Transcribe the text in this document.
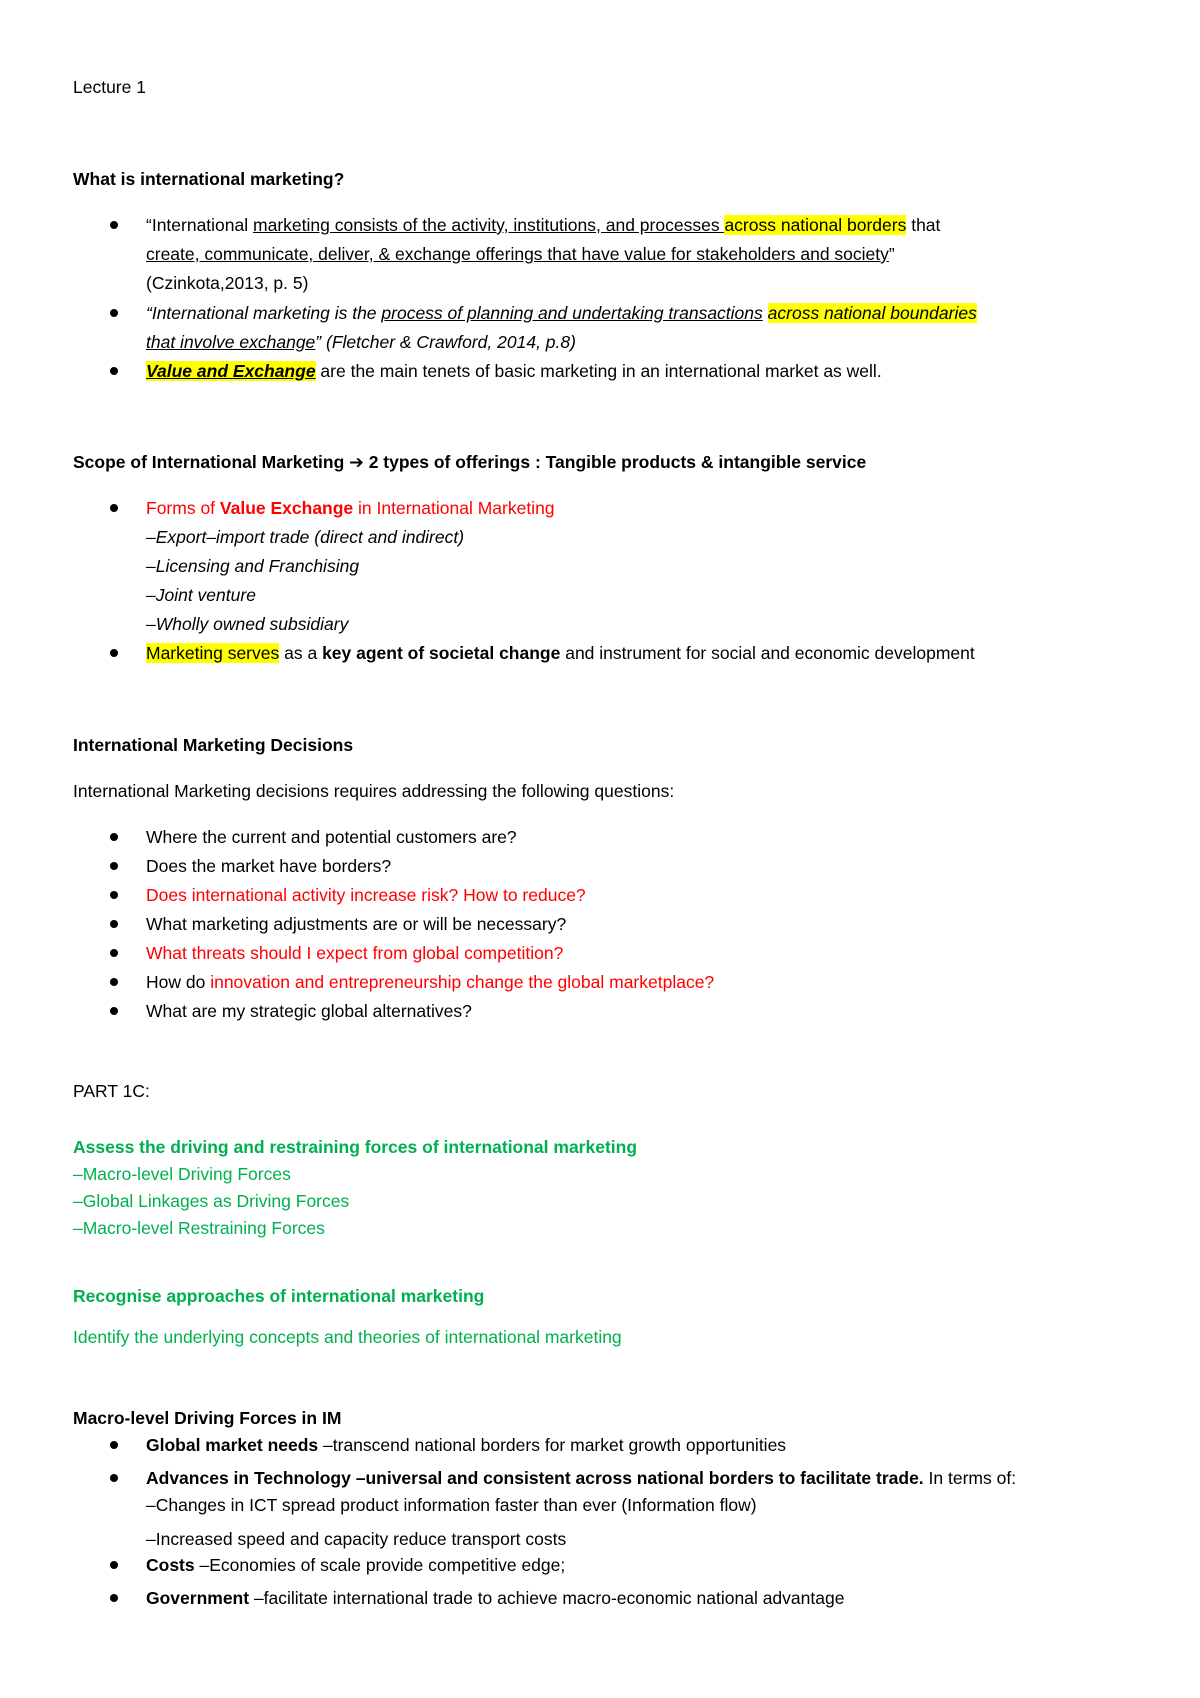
Lecture 1
What is international marketing?
“International marketing consists of the activity, institutions, and processes across national borders that
create, communicate, deliver, & exchange offerings that have value for stakeholders and society”
(Czinkota,2013, p. 5)
“International marketing is the process of planning and undertaking transactions across national boundaries
that involve exchange” (Fletcher & Crawford, 2014, p.8)
Value and Exchange are the main tenets of basic marketing in an international market as well.
Scope of International Marketing ➔ 2 types of offerings : Tangible products & intangible service
Forms of Value Exchange in International Marketing
–Export–import trade (direct and indirect)
–Licensing and Franchising
–Joint venture
–Wholly owned subsidiary
Marketing serves as a key agent of societal change and instrument for social and economic development
International Marketing Decisions
International Marketing decisions requires addressing the following questions:
Where the current and potential customers are?
Does the market have borders?
Does international activity increase risk? How to reduce?
What marketing adjustments are or will be necessary?
What threats should I expect from global competition?
How do innovation and entrepreneurship change the global marketplace?
What are my strategic global alternatives?
PART 1C:
Assess the driving and restraining forces of international marketing
–Macro-level Driving Forces
–Global Linkages as Driving Forces
–Macro-level Restraining Forces
Recognise approaches of international marketing
Identify the underlying concepts and theories of international marketing
Macro-level Driving Forces in IM
Global market needs –transcend national borders for market growth opportunities
Advances in Technology –universal and consistent across national borders to facilitate trade. In terms of:
–Changes in ICT spread product information faster than ever (Information flow)
–Increased speed and capacity reduce transport costs
Costs –Economies of scale provide competitive edge;
Government –facilitate international trade to achieve macro-economic national advantage
